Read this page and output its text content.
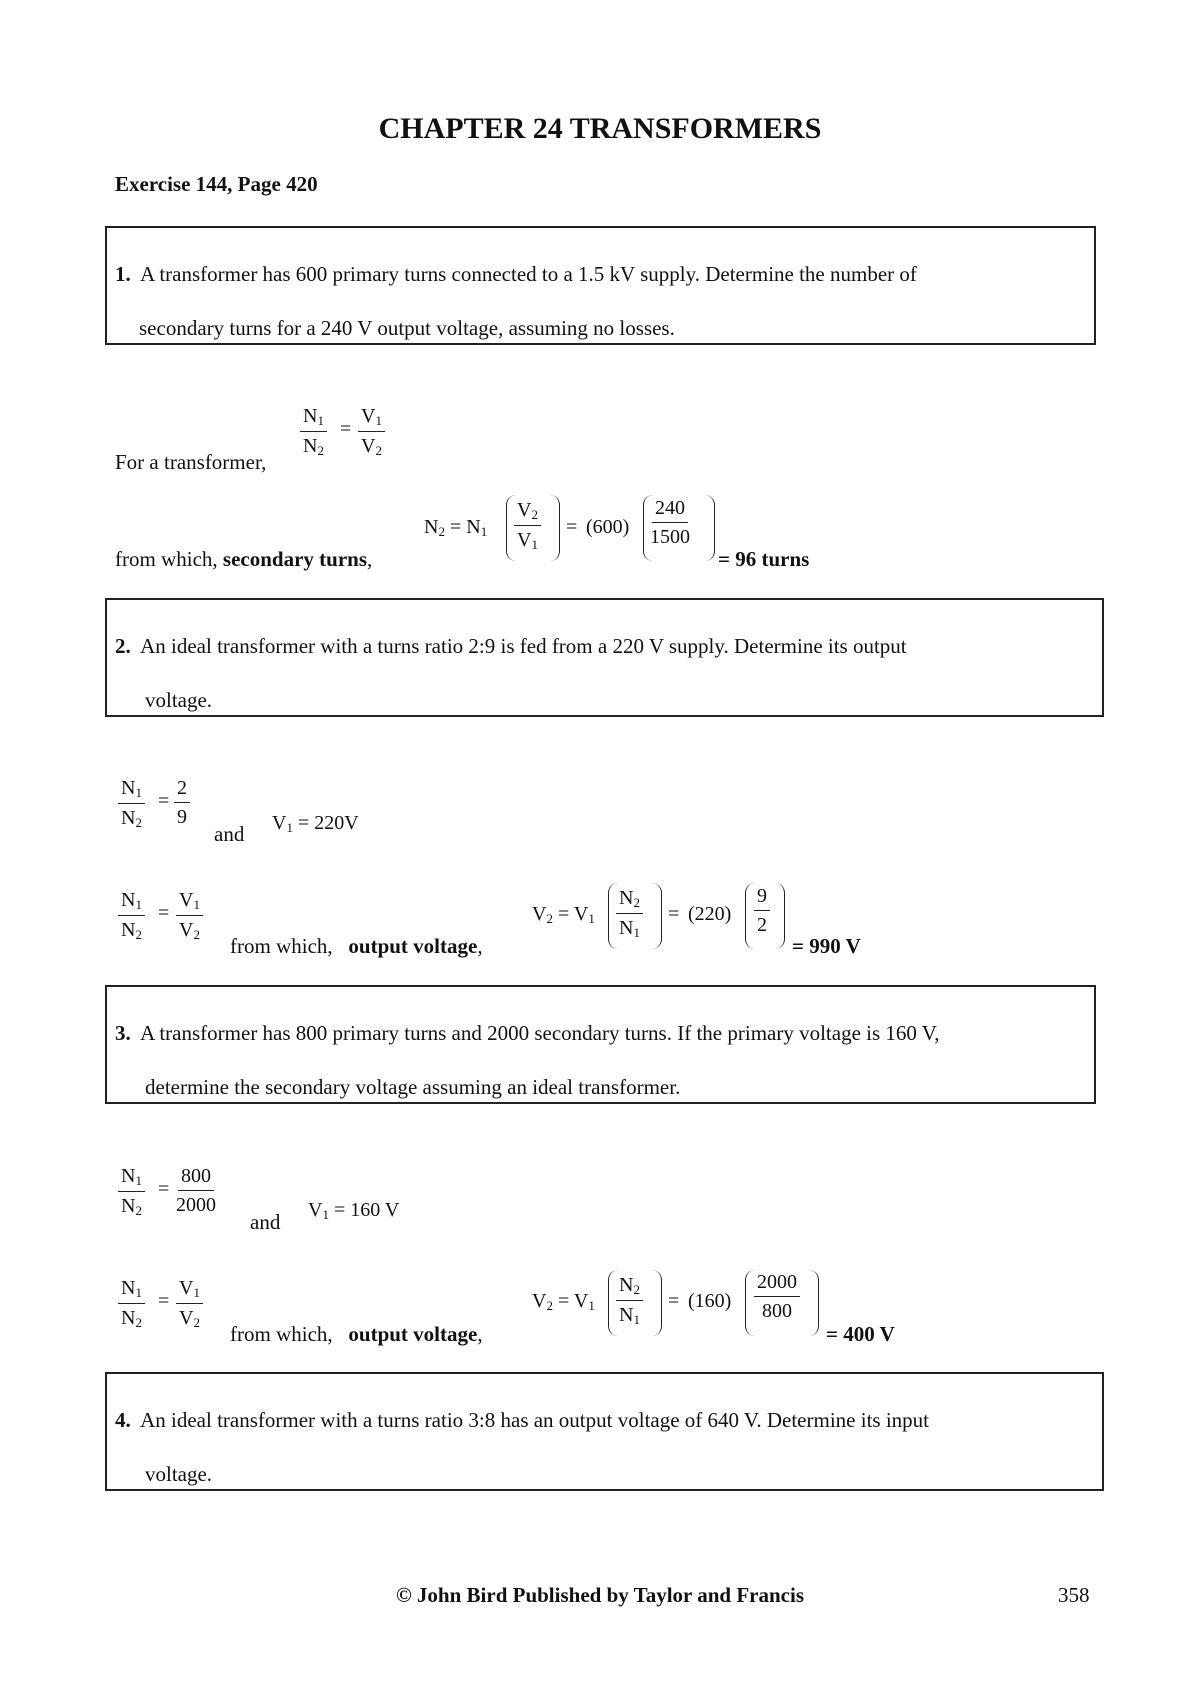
CHAPTER 24 TRANSFORMERS
Exercise 144, Page 420

1. A transformer has 600 primary turns connected to a 1.5 kV supply. Determine the number of

secondary turns for a 240 V output voltage, assuming no losses.

$\frac{N_1}{N_2} = \frac{V_1}{V_2}$
For a transformer,
$N_2 = N_1 \frac{V_2}{V_1} = (600) \frac{240}{1500}$
from which, secondary turns,	= 96 turns

2. An ideal transformer with a turns ratio 2:9 is fed from a 220 V supply. Determine its output

voltage.

$\frac{N_1}{N_2} = \frac{2}{9}$
and $V_1 = 220V$
$\frac{N_1}{N_2} = \frac{V_1}{V_2}$
from which, output voltage,
$V_2 = V_1 \frac{N_2}{N_1} = (220) \frac{9}{2}$
= 990 V

3. A transformer has 800 primary turns and 2000 secondary turns. If the primary voltage is 160 V,

determine the secondary voltage assuming an ideal transformer.

$\frac{N_1}{N_2} = \frac{800}{2000}$
and $V_1 = 160$ V
$\frac{N_1}{N_2} = \frac{V_1}{V_2}$
from which, output voltage,
$V_2 = V_1 \frac{N_2}{N_1} = (160) \frac{2000}{800}$
= 400 V

4. An ideal transformer with a turns ratio 3:8 has an output voltage of 640 V. Determine its input

voltage.

© John Bird Published by Taylor and Francis	358
